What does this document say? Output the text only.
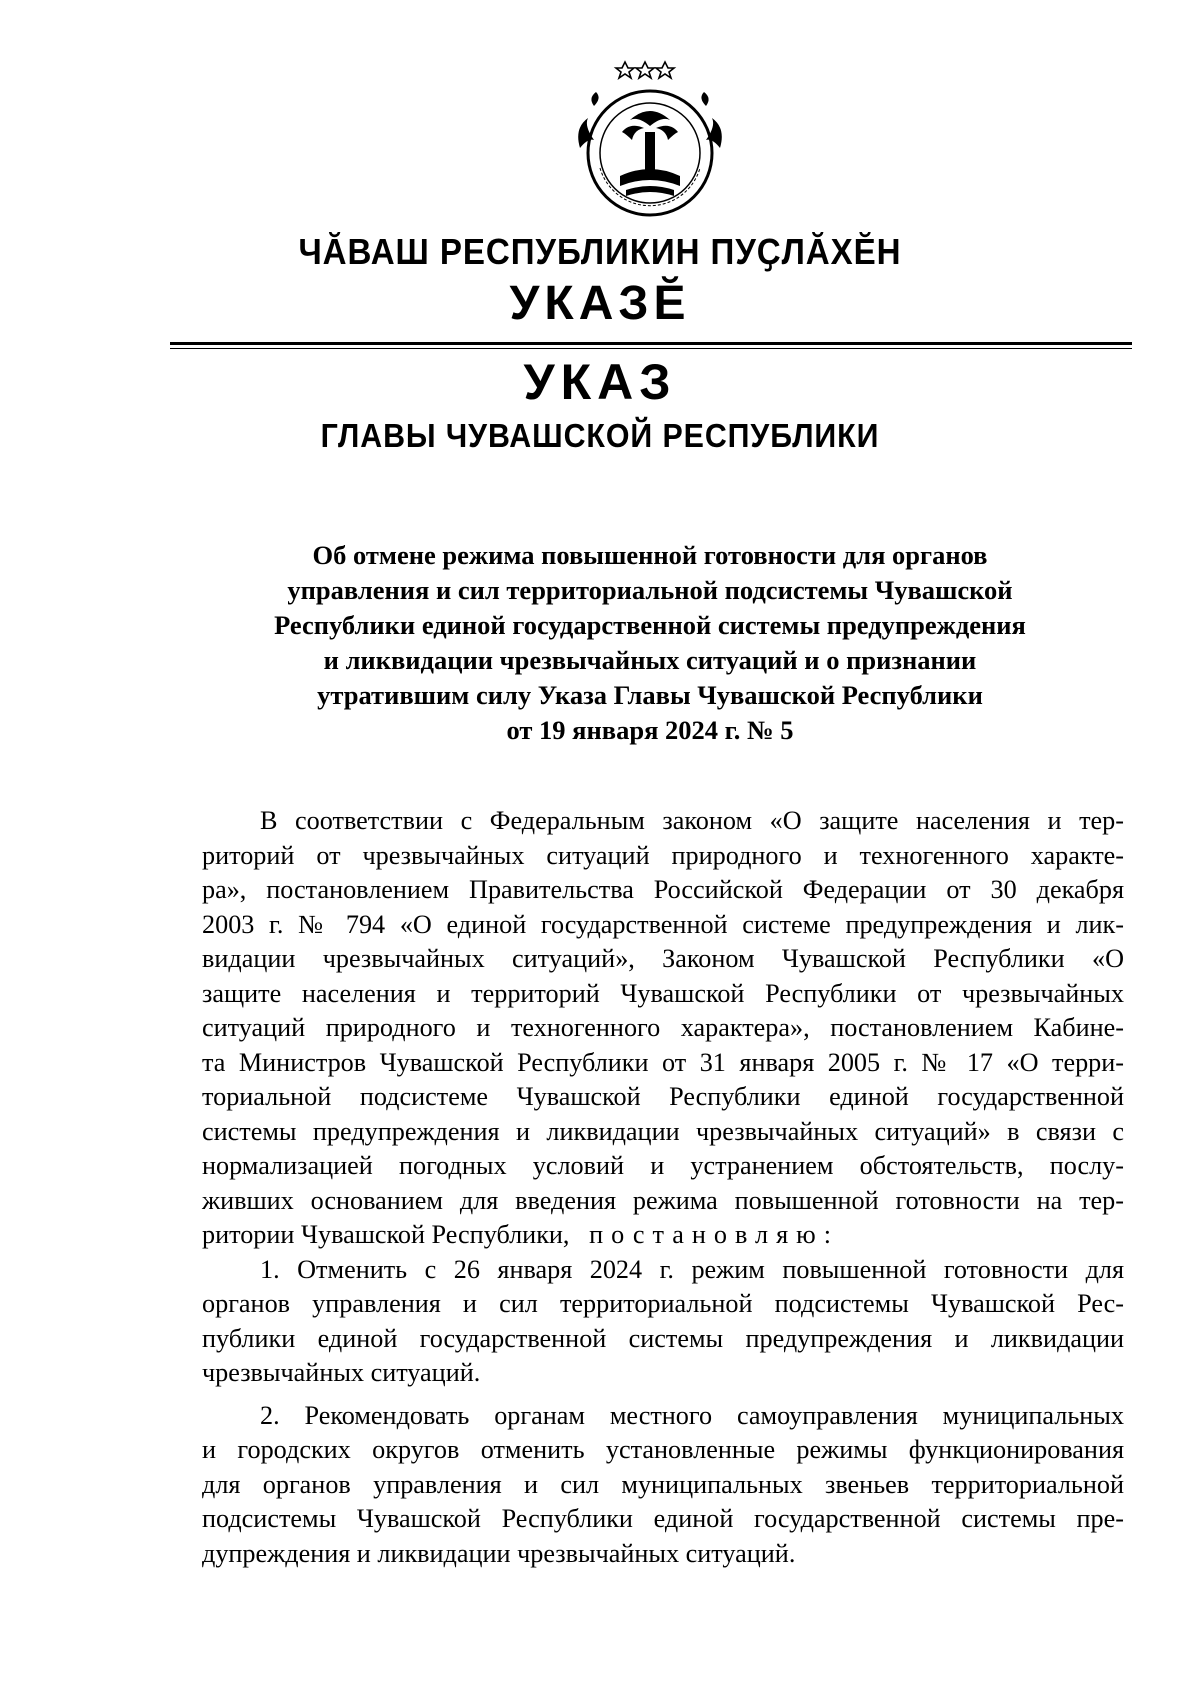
ЧӐВАШ РЕСПУБЛИКИН ПУҪЛӐХӖН
УКАЗӖ
УКАЗ
ГЛАВЫ ЧУВАШСКОЙ РЕСПУБЛИКИ
Об отмене режима повышенной готовности для органов
управления и сил территориальной подсистемы Чувашской
Республики единой государственной системы предупреждения
и ликвидации чрезвычайных ситуаций и о признании
утратившим силу Указа Главы Чувашской Республики
от 19 января 2024 г. № 5
В соответствии с Федеральным законом «О защите населения и тер-
риторий от чрезвычайных ситуаций природного и техногенного характе-
ра», постановлением Правительства Российской Федерации от 30 декабря
2003 г. № 794 «О единой государственной системе предупреждения и лик-
видации чрезвычайных ситуаций», Законом Чувашской Республики «О
защите населения и территорий Чувашской Республики от чрезвычайных
ситуаций природного и техногенного характера», постановлением Кабине-
та Министров Чувашской Республики от 31 января 2005 г. № 17 «О терри-
ториальной подсистеме Чувашской Республики единой государственной
системы предупреждения и ликвидации чрезвычайных ситуаций» в связи с
нормализацией погодных условий и устранением обстоятельств, послу-
живших основанием для введения режима повышенной готовности на тер-
ритории Чувашской Республики, постановляю:
1. Отменить с 26 января 2024 г. режим повышенной готовности для
органов управления и сил территориальной подсистемы Чувашской Рес-
публики единой государственной системы предупреждения и ликвидации
чрезвычайных ситуаций.
2. Рекомендовать органам местного самоуправления муниципальных
и городских округов отменить установленные режимы функционирования
для органов управления и сил муниципальных звеньев территориальной
подсистемы Чувашской Республики единой государственной системы пре-
дупреждения и ликвидации чрезвычайных ситуаций.
